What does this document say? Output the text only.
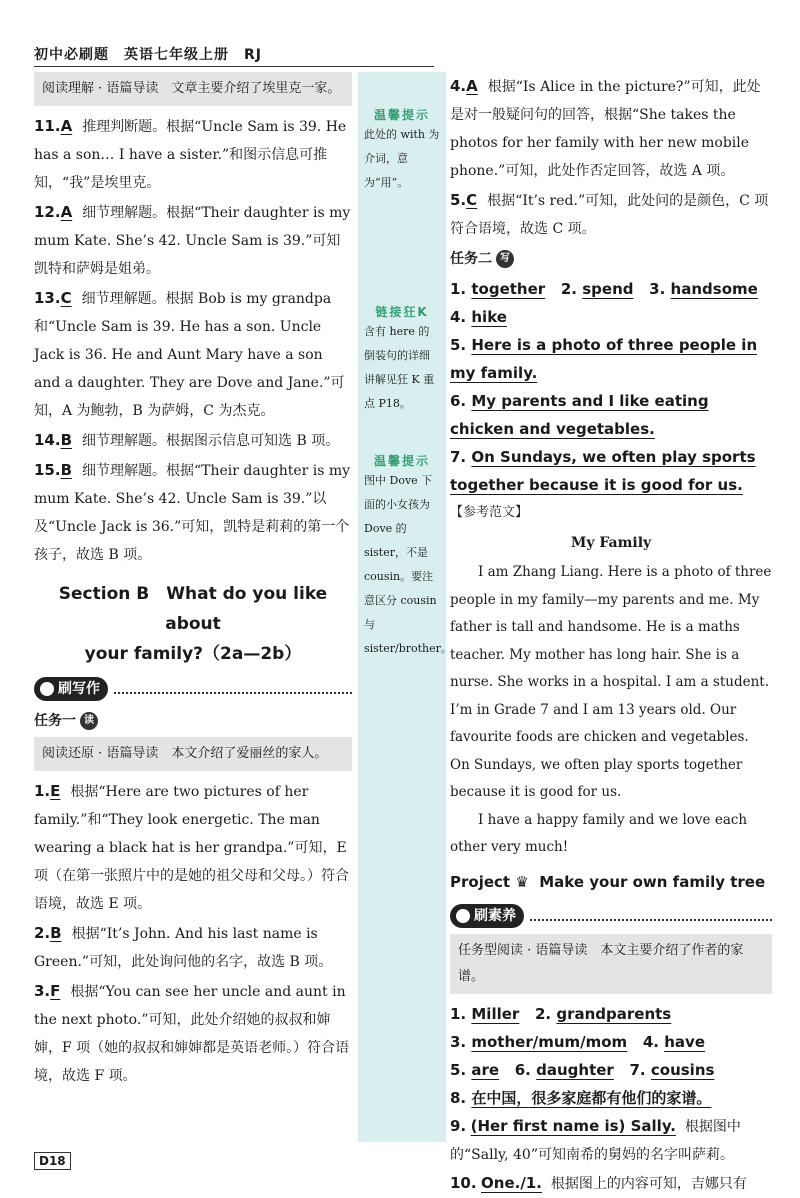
初中必刷题　英语七年级上册　RJ
阅读理解 · 语篇导读　文章主要介绍了埃里克一家。
11.A 推理判断题。根据“Uncle Sam is 39. He has a son… I have a sister.”和图示信息可推知，“我”是埃里克。
12.A 细节理解题。根据“Their daughter is my mum Kate. She’s 42. Uncle Sam is 39.”可知凯特和萨姆是姐弟。
13.C 细节理解题。根据 Bob is my grandpa 和“Uncle Sam is 39. He has a son. Uncle Jack is 36. He and Aunt Mary have a son and a daughter. They are Dove and Jane.”可知，A 为鲍勃，B 为萨姆，C 为杰克。
14.B 细节理解题。根据图示信息可知选 B 项。
15.B 细节理解题。根据“Their daughter is my mum Kate. She’s 42. Uncle Sam is 39.”以及“Uncle Jack is 36.”可知，凯特是莉莉的第一个孩子，故选 B 项。
Section B　What do you like about
your family?（2a—2b）
刷写作
任务一 读
阅读还原 · 语篇导读　本文介绍了爱丽丝的家人。
1.E 根据“Here are two pictures of her family.”和“They look energetic. The man wearing a black hat is her grandpa.”可知，E 项（在第一张照片中的是她的祖父母和父母。）符合语境，故选 E 项。
2.B 根据“It’s John. And his last name is Green.”可知，此处询问他的名字，故选 B 项。
3.F 根据“You can see her uncle and aunt in the next photo.”可知，此处介绍她的叔叔和婶婶，F 项（她的叔叔和婶婶都是英语老师。）符合语境，故选 F 项。
温馨提示
此处的 with 为介词，意为“用”。
链接狂K
含有 here 的倒装句的详细讲解见狂 K 重点 P18。
温馨提示
图中 Dove 下面的小女孩为 Dove 的 sister，不是 cousin。要注意区分 cousin 与 sister/brother。
4.A 根据“Is Alice in the picture?”可知，此处是对一般疑问句的回答，根据“She takes the photos for her family with her new mobile phone.”可知，此处作否定回答，故选 A 项。
5.C 根据“It’s red.”可知，此处问的是颜色，C 项符合语境，故选 C 项。
任务二 写
1. together 2. spend 3. handsome
4. hike
5. Here is a photo of three people in my family.
6. My parents and I like eating chicken and vegetables.
7. On Sundays, we often play sports together because it is good for us.
【参考范文】
My Family

I am Zhang Liang. Here is a photo of three people in my family—my parents and me. My father is tall and handsome. He is a maths teacher. My mother has long hair. She is a nurse. She works in a hospital. I am a student. I’m in Grade 7 and I am 13 years old. Our favourite foods are chicken and vegetables. On Sundays, we often play sports together because it is good for us.

I have a happy family and we love each other very much!

Project ♛ Make your own family tree
刷素养
任务型阅读 · 语篇导读　本文主要介绍了作者的家谱。
1. Miller 2. grandparents
3. mother/mum/mom 4. have
5. are 6. daughter 7. cousins
8. 在中国，很多家庭都有他们的家谱。
9. (Her first name is) Sally. 根据图中的“Sally, 40”可知南希的舅妈的名字叫萨莉。
10. One./1. 根据图上的内容可知，吉娜只有
D18
